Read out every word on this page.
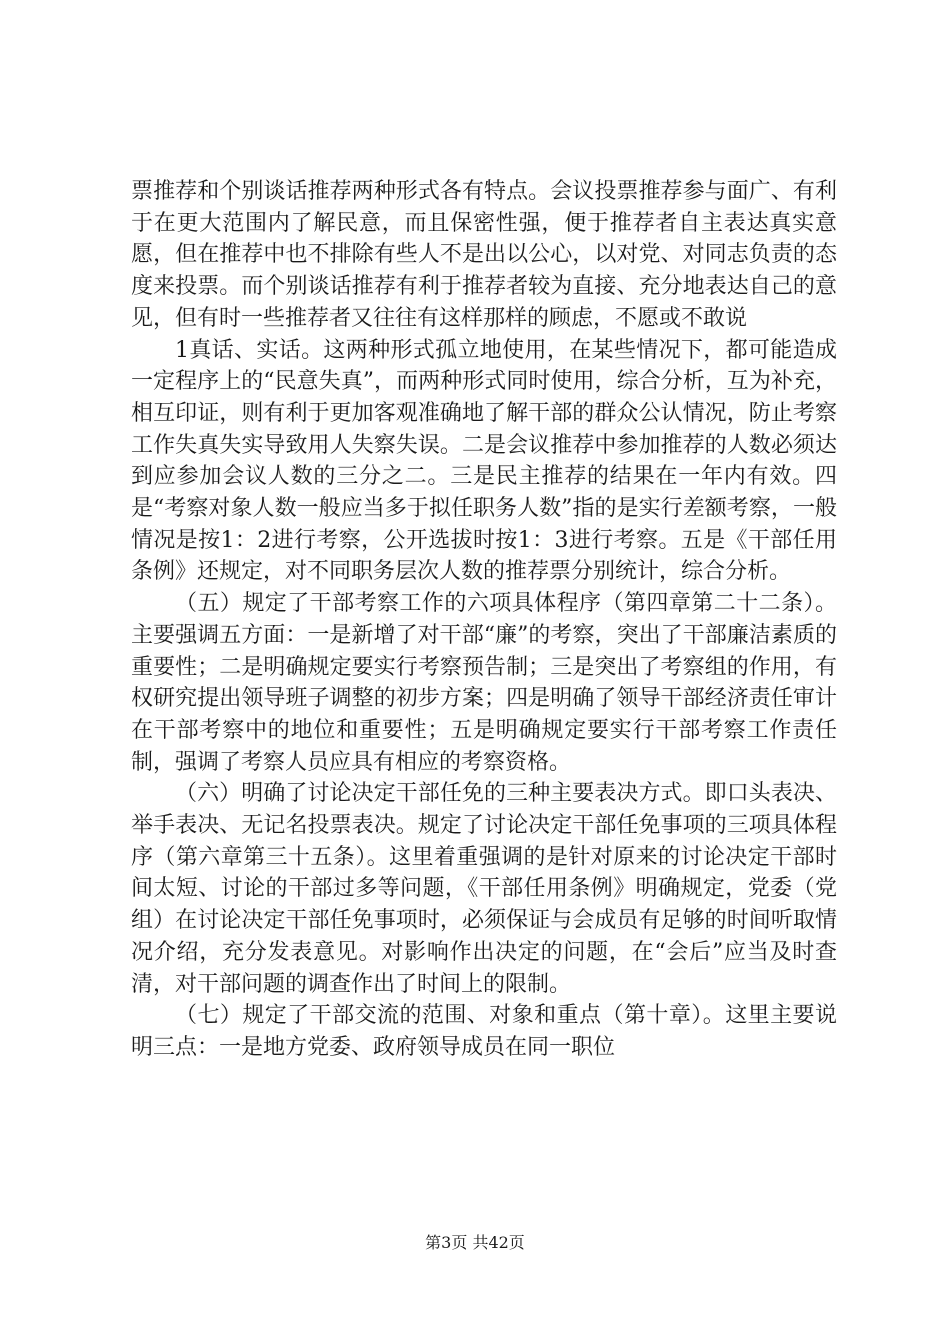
票推荐和个别谈话推荐两种形式各有特点。会议投票推荐参与面广、有利于在更大范围内了解民意，而且保密性强，便于推荐者自主表达真实意愿，但在推荐中也不排除有些人不是出以公心，以对党、对同志负责的态度来投票。而个别谈话推荐有利于推荐者较为直接、充分地表达自己的意见，但有时一些推荐者又往往有这样那样的顾虑，不愿或不敢说

1真话、实话。这两种形式孤立地使用，在某些情况下，都可能造成一定程序上的“民意失真”，而两种形式同时使用，综合分析，互为补充，相互印证，则有利于更加客观准确地了解干部的群众公认情况，防止考察工作失真失实导致用人失察失误。二是会议推荐中参加推荐的人数必须达到应参加会议人数的三分之二。三是民主推荐的结果在一年内有效。四是“考察对象人数一般应当多于拟任职务人数”指的是实行差额考察，一般情况是按1：2进行考察，公开选拔时按1：3进行考察。五是《干部任用条例》还规定，对不同职务层次人数的推荐票分别统计，综合分析。

（五）规定了干部考察工作的六项具体程序（第四章第二十二条）。主要强调五方面：一是新增了对干部“廉”的考察，突出了干部廉洁素质的重要性；二是明确规定要实行考察预告制；三是突出了考察组的作用，有权研究提出领导班子调整的初步方案；四是明确了领导干部经济责任审计在干部考察中的地位和重要性；五是明确规定要实行干部考察工作责任制，强调了考察人员应具有相应的考察资格。

（六）明确了讨论决定干部任免的三种主要表决方式。即口头表决、举手表决、无记名投票表决。规定了讨论决定干部任免事项的三项具体程序（第六章第三十五条）。这里着重强调的是针对原来的讨论决定干部时间太短、讨论的干部过多等问题，《干部任用条例》明确规定，党委（党组）在讨论决定干部任免事项时，必须保证与会成员有足够的时间听取情况介绍，充分发表意见。对影响作出决定的问题，在“会后”应当及时查清，对干部问题的调查作出了时间上的限制。

（七）规定了干部交流的范围、对象和重点（第十章）。这里主要说明三点：一是地方党委、政府领导成员在同一职位

第3页 共42页
